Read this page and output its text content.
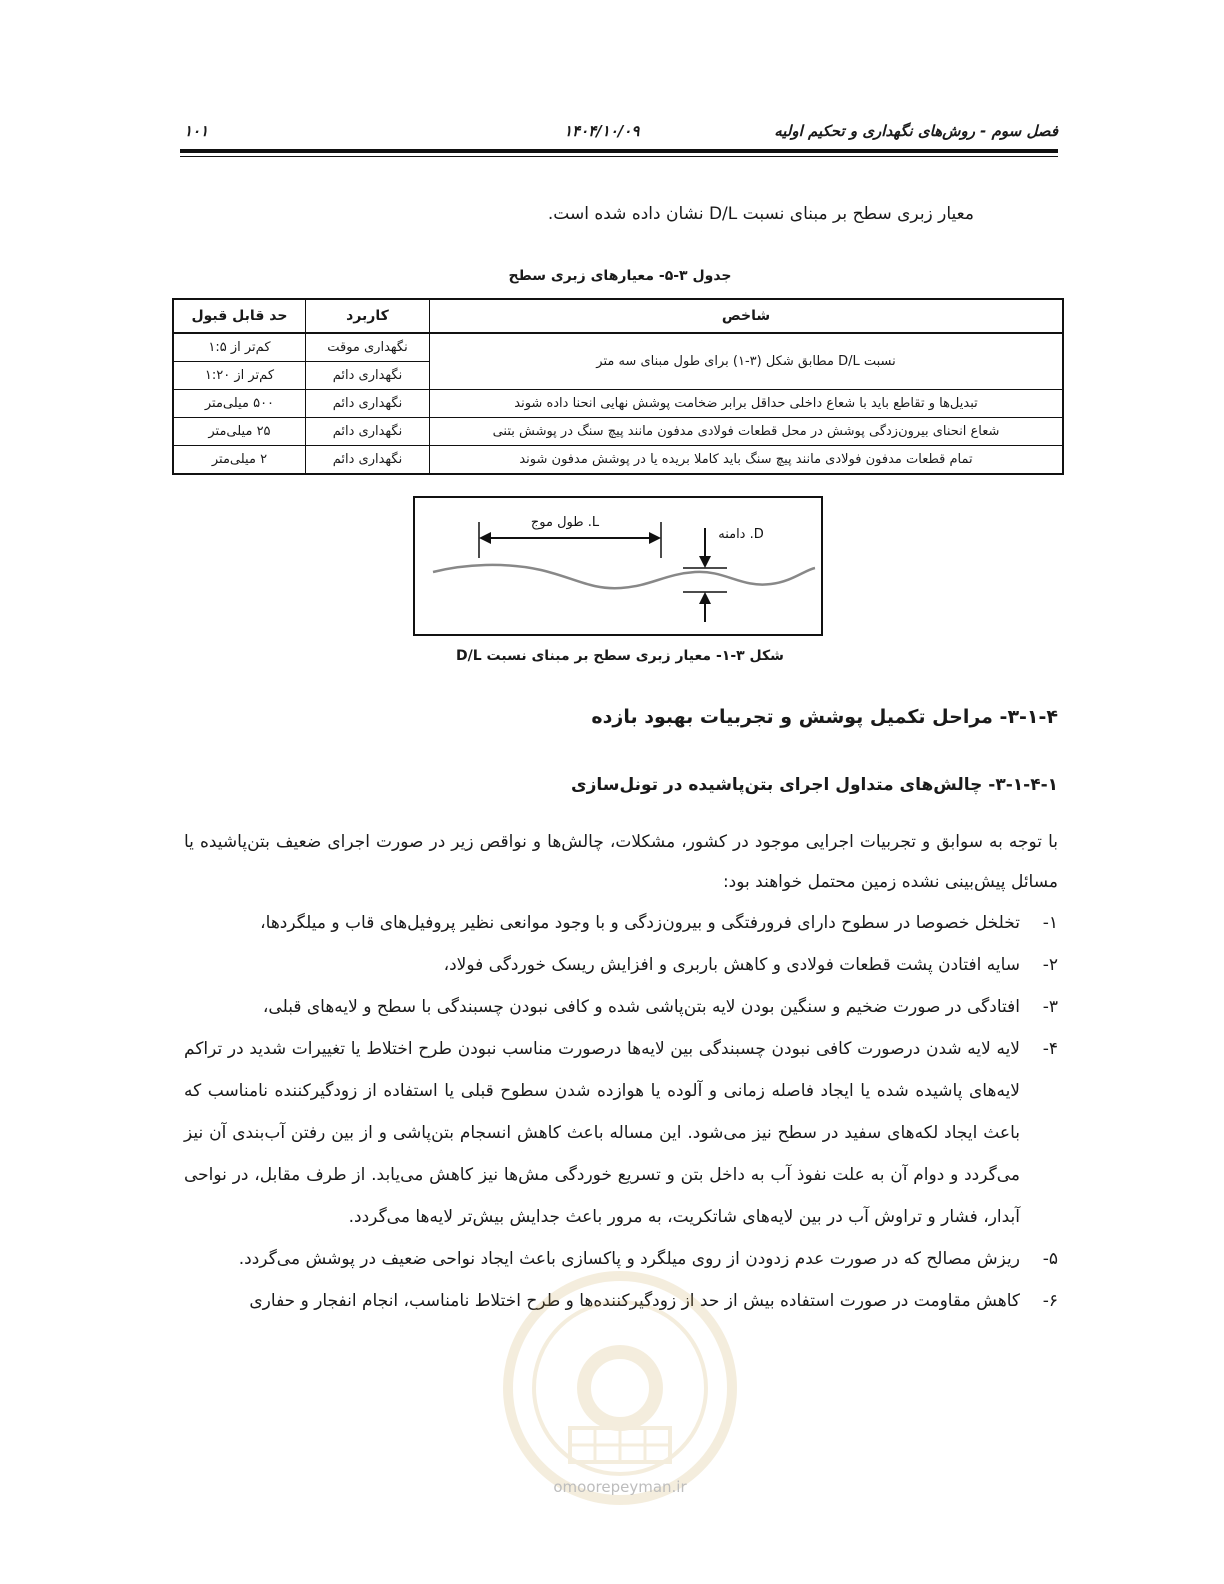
فصل سوم - روش‌های نگهداری و تحکیم اولیه
۱۴۰۴/۱۰/۰۹
۱۰۱
معیار زبری سطح بر مبنای نسبت D/L نشان داده شده است.
جدول ۳-۵- معیارهای زبری سطح
شاخص	کاربرد	حد قابل قبول
نسبت D/L مطابق شکل (۳-۱) برای طول مبنای سه متر	نگهداری موقت	کم‌تر از ۱:۵
	نگهداری دائم	کم‌تر از ۱:۲۰
تبدیل‌ها و تقاطع باید با شعاع داخلی حداقل برابر ضخامت پوشش نهایی انحنا داده شوند	نگهداری دائم	۵۰۰ میلی‌متر
شعاع انحنای بیرون‌زدگی پوشش در محل قطعات فولادی مدفون مانند پیچ سنگ در پوشش بتنی	نگهداری دائم	۲۵ میلی‌متر
تمام قطعات مدفون فولادی مانند پیچ سنگ باید کاملا بریده یا در پوشش مدفون شوند	نگهداری دائم	۲ میلی‌متر
L. طول موج
D. دامنه
شکل ۳-۱- معیار زبری سطح بر مبنای نسبت D/L
۳-۱-۴- مراحل تکمیل پوشش و تجربیات بهبود بازده
۳-۱-۴-۱- چالش‌های متداول اجرای بتن‌پاشیده در تونل‌سازی
با توجه به سوابق و تجربیات اجرایی موجود در کشور، مشکلات، چالش‌ها و نواقص زیر در صورت اجرای ضعیف بتن‌پاشیده یا مسائل پیش‌بینی نشده زمین محتمل خواهند بود:
۱-
تخلخل خصوصا در سطوح دارای فرورفتگی و بیرون‌زدگی و با وجود موانعی نظیر پروفیل‌های قاب و میلگردها،
۲-
سایه افتادن پشت قطعات فولادی و کاهش باربری و افزایش ریسک خوردگی فولاد،
۳-
افتادگی در صورت ضخیم و سنگین بودن لایه بتن‌پاشی شده و کافی نبودن چسبندگی با سطح و لایه‌های قبلی،
۴-
لایه لایه شدن درصورت کافی نبودن چسبندگی بین لایه‌ها درصورت مناسب نبودن طرح اختلاط یا تغییرات شدید در تراکم لایه‌های پاشیده شده یا ایجاد فاصله زمانی و آلوده یا هوازده شدن سطوح قبلی یا استفاده از زودگیرکننده نامناسب که باعث ایجاد لکه‌های سفید در سطح نیز می‌شود. این مساله باعث کاهش انسجام بتن‌پاشی و از بین رفتن آب‌بندی آن نیز می‌گردد و دوام آن به علت نفوذ آب به داخل بتن و تسریع خوردگی مش‌ها نیز کاهش می‌یابد. از طرف مقابل، در نواحی آبدار، فشار و تراوش آب در بین لایه‌های شاتکریت، به مرور باعث جدایش بیش‌تر لایه‌ها می‌گردد.
۵-
ریزش مصالح که در صورت عدم زدودن از روی میلگرد و پاکسازی باعث ایجاد نواحی ضعیف در پوشش می‌گردد.
۶-
کاهش مقاومت در صورت استفاده بیش از حد از زودگیرکننده‌ها و طرح اختلاط نامناسب، انجام انفجار و حفاری
omoorepeyman.ir
